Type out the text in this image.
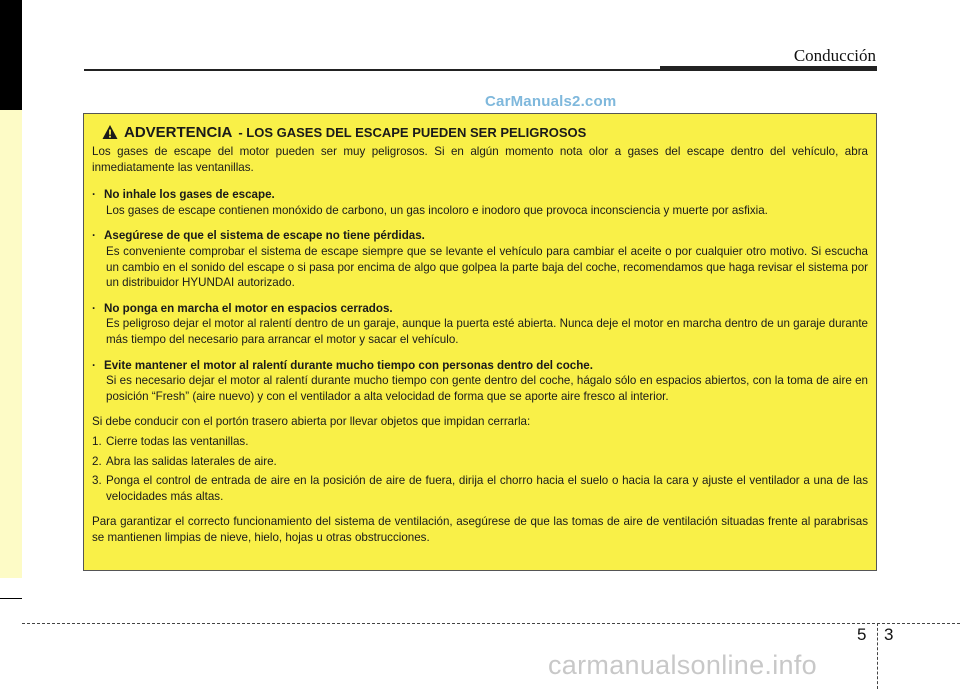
Conducción
CarManuals2.com
ADVERTENCIA - LOS GASES DEL ESCAPE PUEDEN SER PELIGROSOS

Los gases de escape del motor pueden ser muy peligrosos. Si en algún momento nota olor a gases del escape dentro del vehículo, abra inmediatamente las ventanillas.

· No inhale los gases de escape.

Los gases de escape contienen monóxido de carbono, un gas incoloro e inodoro que provoca inconsciencia y muerte por asfixia.

· Asegúrese de que el sistema de escape no tiene pérdidas.

Es conveniente comprobar el sistema de escape siempre que se levante el vehículo para cambiar el aceite o por cualquier otro motivo. Si escucha un cambio en el sonido del escape o si pasa por encima de algo que golpea la parte baja del coche, recomendamos que haga revisar el sistema por un distribuidor HYUNDAI autorizado.

· No ponga en marcha el motor en espacios cerrados.

Es peligroso dejar el motor al ralentí dentro de un garaje, aunque la puerta esté abierta. Nunca deje el motor en marcha dentro de un garaje durante más tiempo del necesario para arrancar el motor y sacar el vehículo.

· Evite mantener el motor al ralentí durante mucho tiempo con personas dentro del coche.

Si es necesario dejar el motor al ralentí durante mucho tiempo con gente dentro del coche, hágalo sólo en espacios abiertos, con la toma de aire en posición “Fresh” (aire nuevo) y con el ventilador a alta velocidad de forma que se aporte aire fresco al interior.

Si debe conducir con el portón trasero abierta por llevar objetos que impidan cerrarla:

1. Cierre todas las ventanillas.
2. Abra las salidas laterales de aire.
3. Ponga el control de entrada de aire en la posición de aire de fuera, dirija el chorro hacia el suelo o hacia la cara y ajuste el ventilador a una de las velocidades más altas.

Para garantizar el correcto funcionamiento del sistema de ventilación, asegúrese de que las tomas de aire de ventilación situadas frente al parabrisas se mantienen limpias de nieve, hielo, hojas u otras obstrucciones.

5 3
carmanualsonline.info
